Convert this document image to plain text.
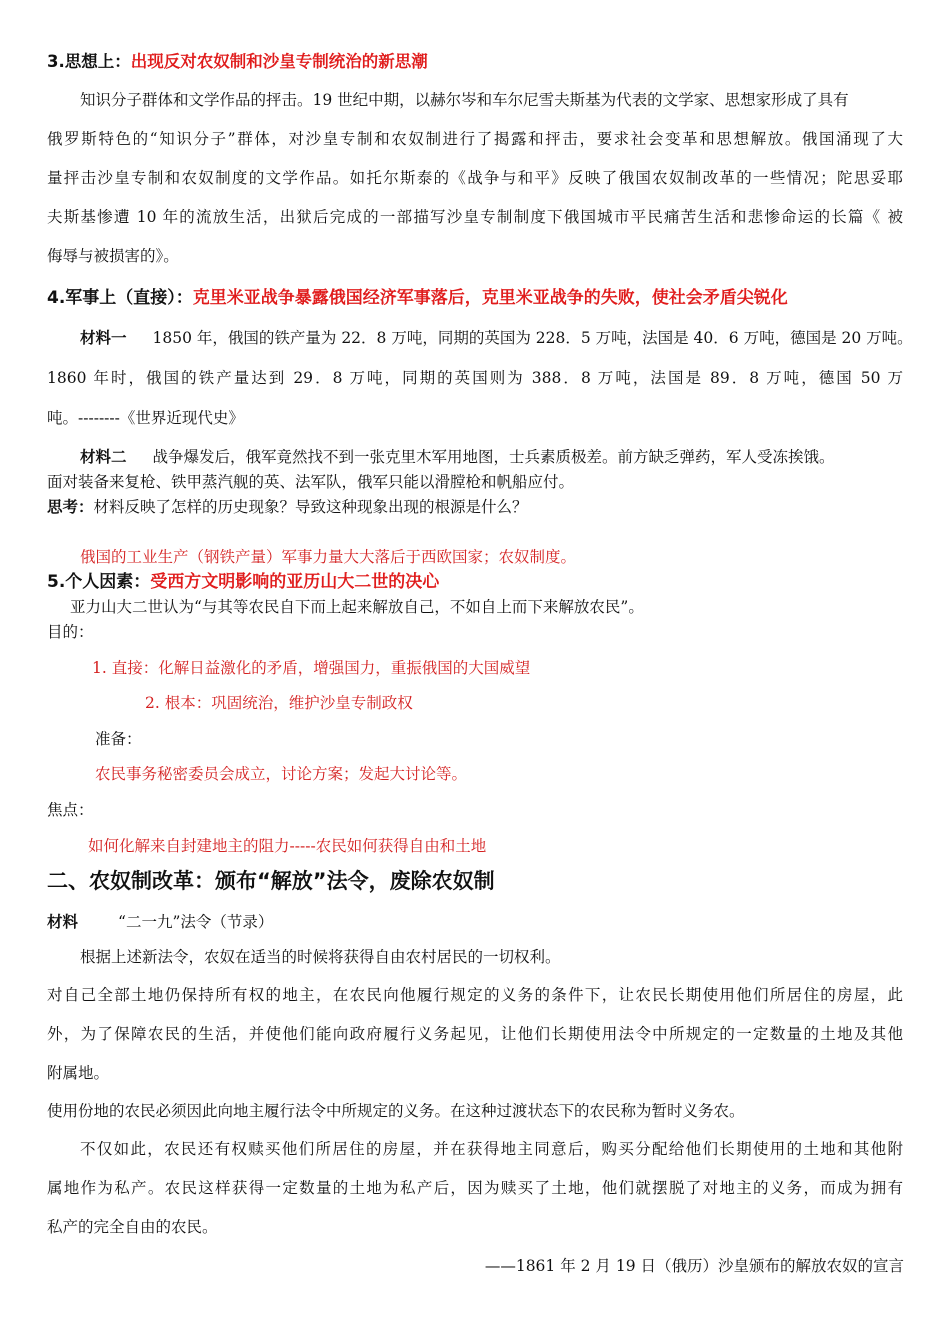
3.思想上：出现反对农奴制和沙皇专制统治的新思潮
知识分子群体和文学作品的抨击。19 世纪中期，以赫尔岑和车尔尼雪夫斯基为代表的文学家、思想家形成了具有
俄罗斯特色的“知识分子”群体，对沙皇专制和农奴制进行了揭露和抨击，要求社会变革和思想解放。俄国涌现了大
量抨击沙皇专制和农奴制度的文学作品。如托尔斯泰的《战争与和平》反映了俄国农奴制改革的一些情况；陀思妥耶
夫斯基惨遭 10 年的流放生活，出狱后完成的一部描写沙皇专制制度下俄国城市平民痛苦生活和悲惨命运的长篇《 被
侮辱与被损害的》。
4.军事上（直接）：克里米亚战争暴露俄国经济军事落后，克里米亚战争的失败，使社会矛盾尖锐化
材料一 1850 年，俄国的铁产量为 22．8 万吨，同期的英国为 228．5 万吨，法国是 40．6 万吨，德国是 20 万吨。
1860 年时，俄国的铁产量达到 29．8 万吨，同期的英国则为 388．8 万吨，法国是 89．8 万吨，德国 50 万
吨。--------《世界近现代史》
材料二 战争爆发后，俄军竟然找不到一张克里木军用地图，士兵素质极差。前方缺乏弹药，军人受冻挨饿。
面对装备来复枪、铁甲蒸汽舰的英、法军队，俄军只能以滑膛枪和帆船应付。
思考：材料反映了怎样的历史现象？导致这种现象出现的根源是什么？
俄国的工业生产（钢铁产量）军事力量大大落后于西欧国家；农奴制度。
5.个人因素：受西方文明影响的亚历山大二世的决心
亚力山大二世认为“与其等农民自下而上起来解放自己，不如自上而下来解放农民”。
目的：
1. 直接：化解日益激化的矛盾，增强国力，重振俄国的大国威望
2. 根本：巩固统治，维护沙皇专制政权
准备：
农民事务秘密委员会成立，讨论方案；发起大讨论等。
焦点：
如何化解来自封建地主的阻力-----农民如何获得自由和土地
二、农奴制改革：颁布“解放”法令，废除农奴制
材料	“二一九”法令（节录）
根据上述新法令，农奴在适当的时候将获得自由农村居民的一切权利。
对自己全部土地仍保持所有权的地主，在农民向他履行规定的义务的条件下，让农民长期使用他们所居住的房屋，此
外，为了保障农民的生活，并使他们能向政府履行义务起见，让他们长期使用法令中所规定的一定数量的土地及其他
附属地。
使用份地的农民必须因此向地主履行法令中所规定的义务。在这种过渡状态下的农民称为暂时义务农。
不仅如此，农民还有权赎买他们所居住的房屋，并在获得地主同意后，购买分配给他们长期使用的土地和其他附
属地作为私产。农民这样获得一定数量的土地为私产后，因为赎买了土地，他们就摆脱了对地主的义务，而成为拥有
私产的完全自由的农民。
——1861 年 2 月 19 日（俄历）沙皇颁布的解放农奴的宣言
